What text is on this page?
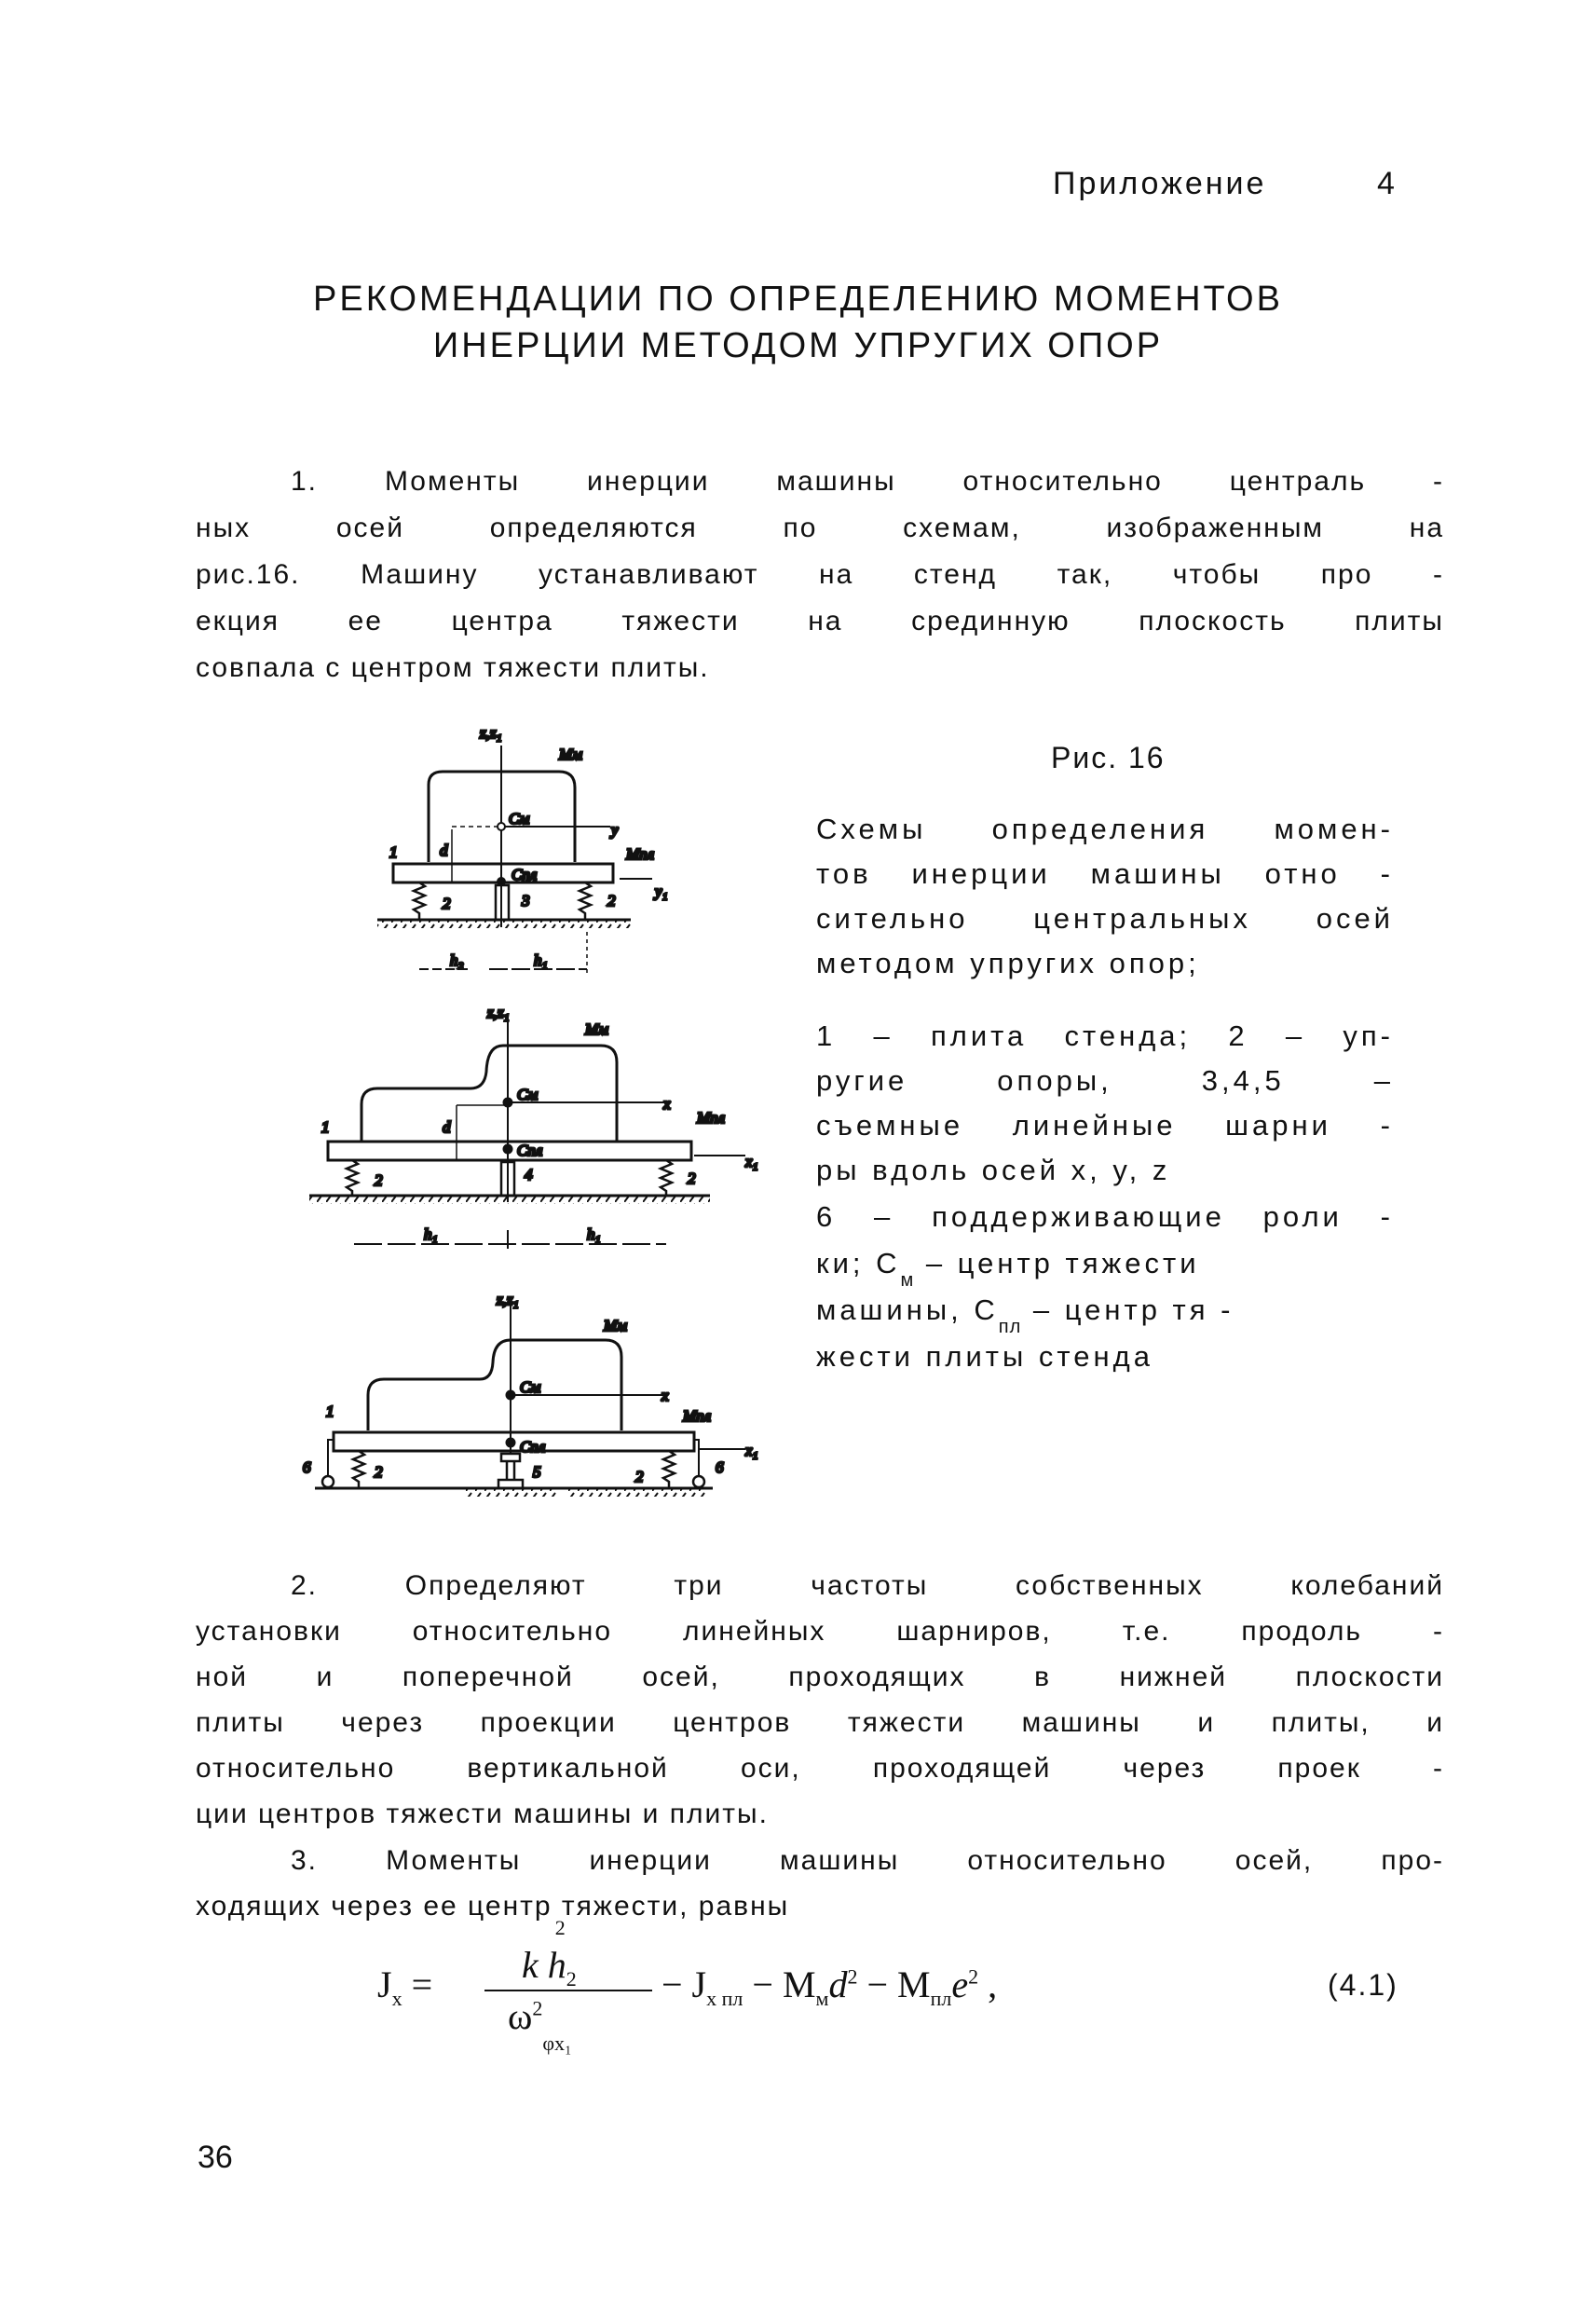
Приложение	4
РЕКОМЕНДАЦИИ ПО ОПРЕДЕЛЕНИЮ МОМЕНТОВ
ИНЕРЦИИ МЕТОДОМ УПРУГИХ ОПОР
1. Моменты инерции машины относительно централь -
ных осей определяются по схемам, изображенным на
рис.16. Машину устанавливают на стенд так, чтобы про -
екция ее центра тяжести на срединную плоскость плиты
совпала с центром тяжести плиты.
z,z₁
Mм
Cм
y
1	d	Mпл
Cпл
y₁
2	2
3
h₂	h₁
z,z₁
Mм
Cм
x
1	d
Mпл
Cпл
x₁
2	2
4
h₁	h₁
z,z₁
Mм
Cм	x
1	Mпл
Cпл	x₁
6	2	5	2
6
Рис. 16
Схемы определения момен-
тов инерции машины отно -
сительно центральных осей
методом упругих опор;
1 – плита стенда; 2 – уп-
ругие опоры, 3,4,5 –
съемные линейные шарни -
ры вдоль осей x, y, z
6 – поддерживающие роли -
ки; $C_м$ – центр тяжести
машины, $C_{пл}$ – центр тя -
жести плиты стенда
2. Определяют три частоты собственных колебаний
установки относительно линейных шарниров, т.е. продоль -
ной и поперечной осей, проходящих в нижней плоскости
плиты через проекции центров тяжести машины и плиты, и
относительно вертикальной оси, проходящей через проек -
ции центров тяжести машины и плиты.
3. Моменты инерции машины относительно осей, про-
ходящих через ее центр тяжести, равны
$J_x = k$ $h_2$
2
$\omega^2_{\varphi x_1}$
− $J_{x пл} - M_мd^2 - M_{пл}e^2$ ,	(4.1)
36
